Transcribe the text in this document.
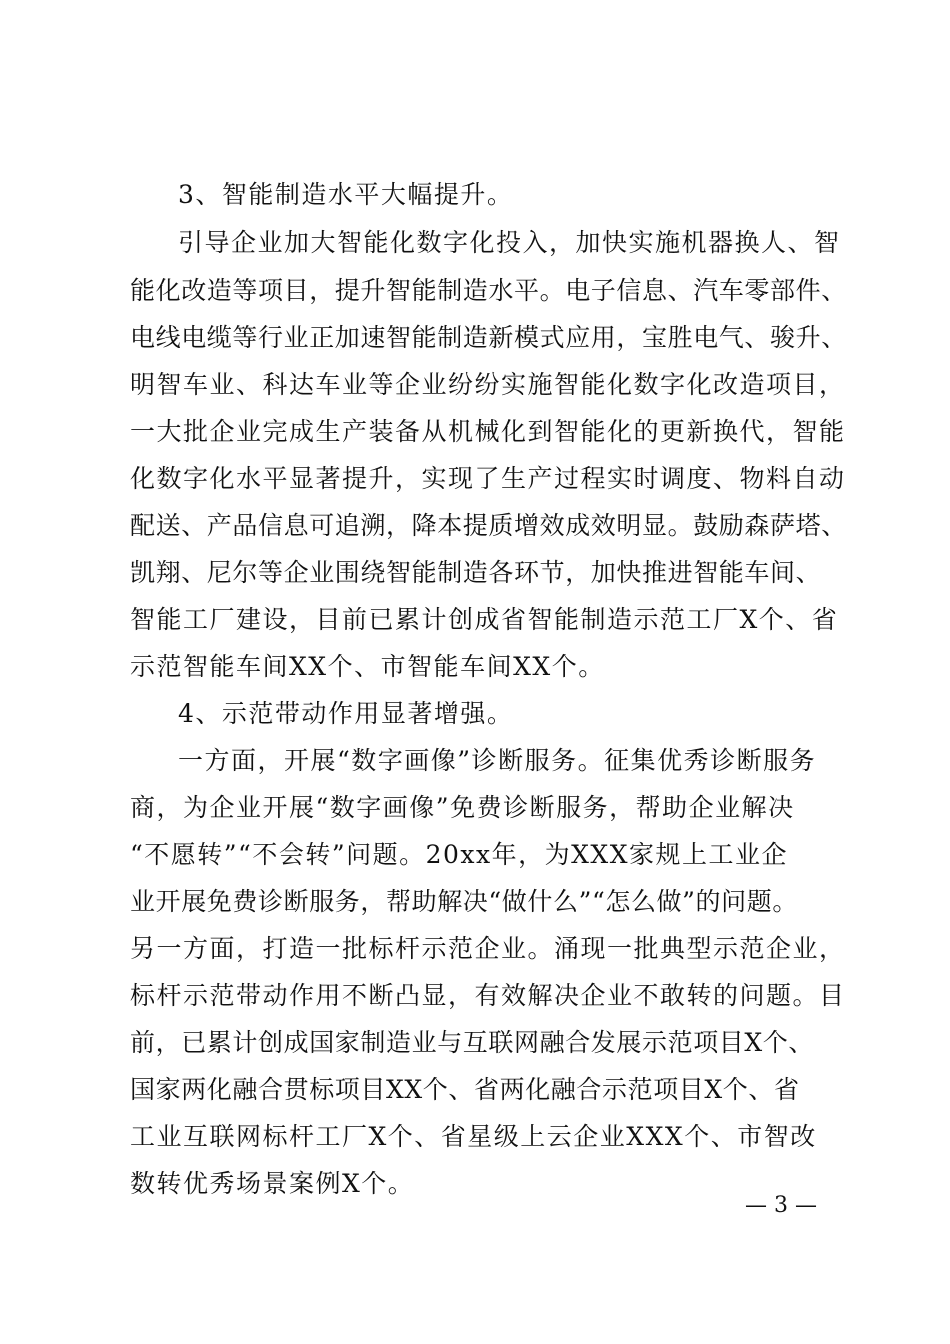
3、智能制造水平大幅提升。
引导企业加大智能化数字化投入，加快实施机器换人、智
能化改造等项目，提升智能制造水平。电子信息、汽车零部件、
电线电缆等行业正加速智能制造新模式应用，宝胜电气、骏升、
明智车业、科达车业等企业纷纷实施智能化数字化改造项目，
一大批企业完成生产装备从机械化到智能化的更新换代，智能
化数字化水平显著提升，实现了生产过程实时调度、物料自动
配送、产品信息可追溯，降本提质增效成效明显。鼓励森萨塔、
凯翔、尼尔等企业围绕智能制造各环节，加快推进智能车间、
智能工厂建设，目前已累计创成省智能制造示范工厂X个、省
示范智能车间XX个、市智能车间XX个。
4、示范带动作用显著增强。
一方面，开展“数字画像”诊断服务。征集优秀诊断服务
商，为企业开展“数字画像”免费诊断服务，帮助企业解决
“不愿转”“不会转”问题。20xx年，为XXX家规上工业企
业开展免费诊断服务，帮助解决“做什么”“怎么做”的问题。
另一方面，打造一批标杆示范企业。涌现一批典型示范企业，
标杆示范带动作用不断凸显，有效解决企业不敢转的问题。目
前，已累计创成国家制造业与互联网融合发展示范项目X个、
国家两化融合贯标项目XX个、省两化融合示范项目X个、省
工业互联网标杆工厂X个、省星级上云企业XXX个、市智改
数转优秀场景案例X个。
— 3 —
